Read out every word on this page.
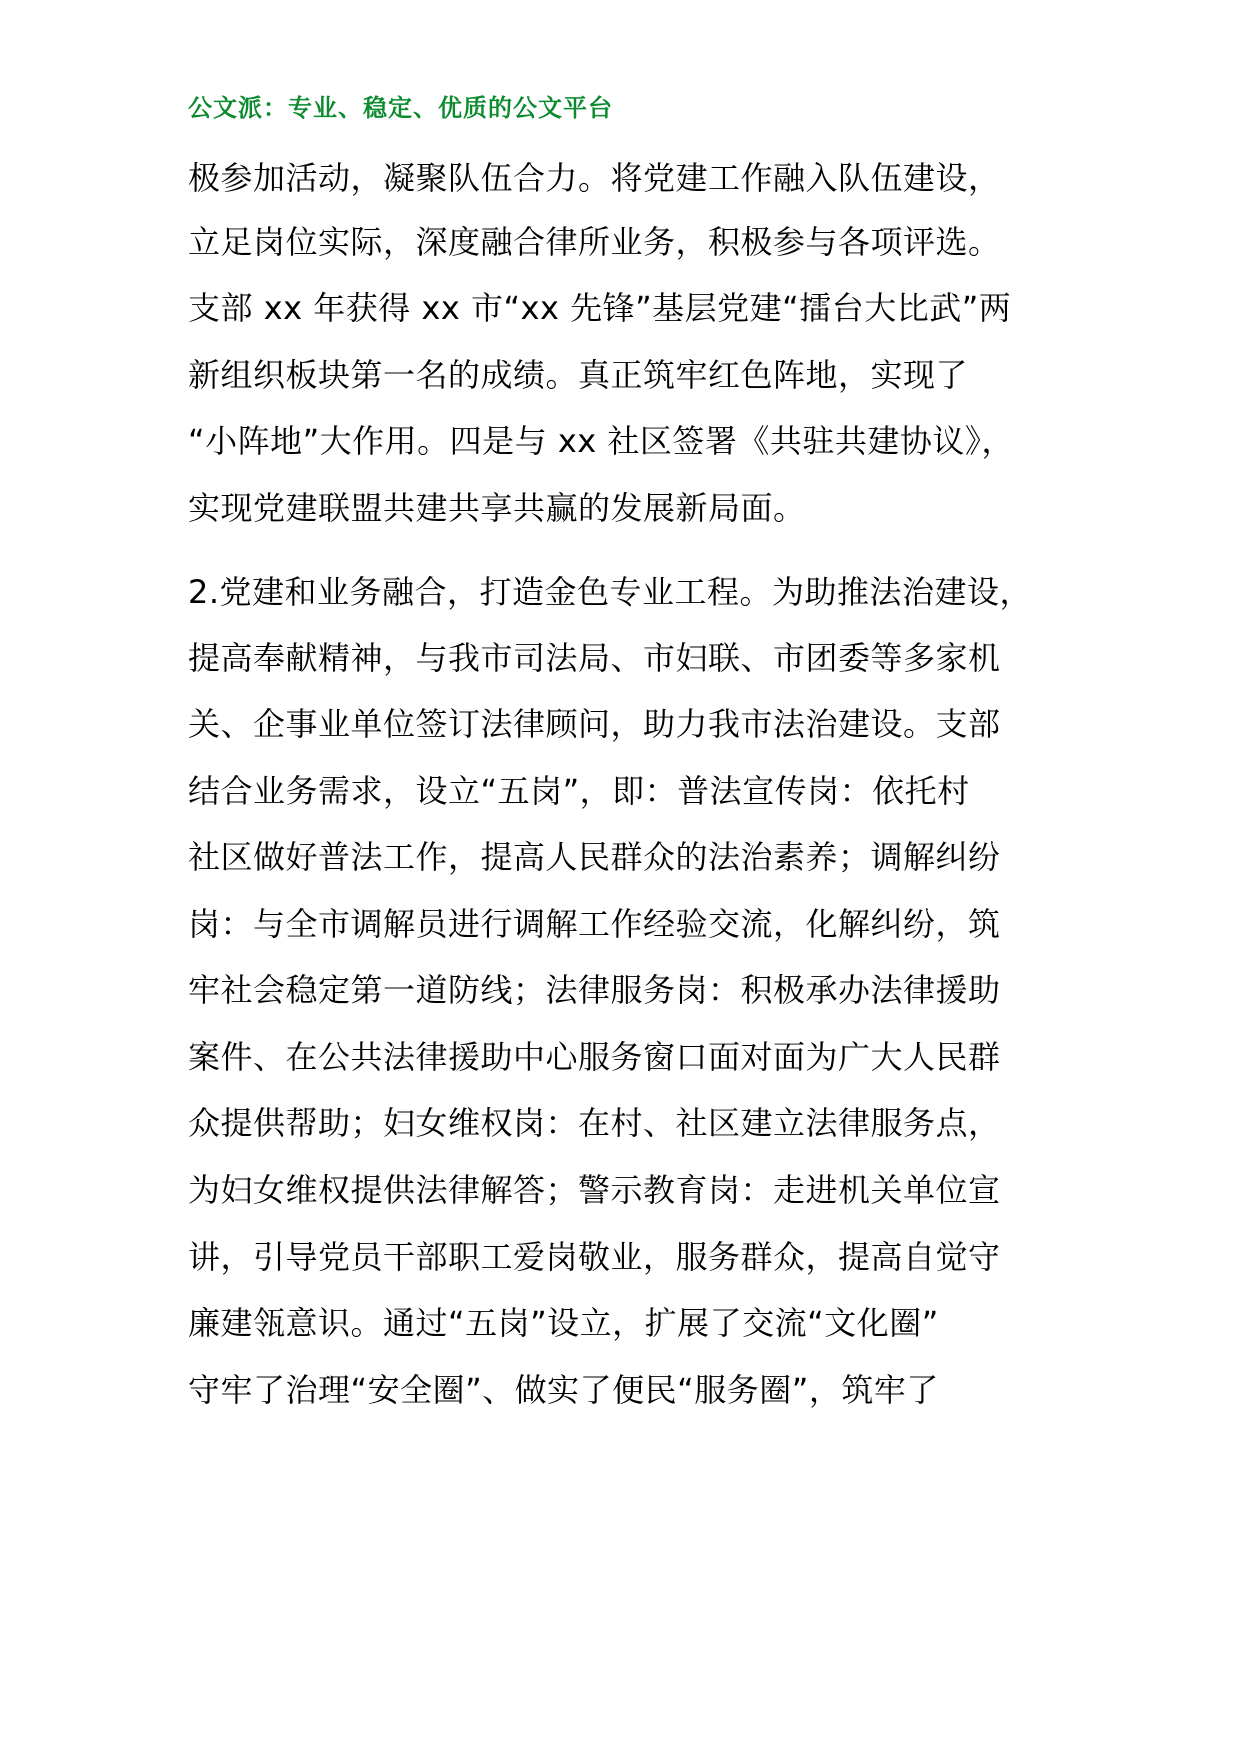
公文派：专业、稳定、优质的公文平台
极参加活动，凝聚队伍合力。将党建工作融入队伍建设，
立足岗位实际，深度融合律所业务，积极参与各项评选。
支部 xx 年获得 xx 市“xx 先锋”基层党建“擂台大比武”两
新组织板块第一名的成绩。真正筑牢红色阵地，实现了
“小阵地”大作用。四是与 xx 社区签署《共驻共建协议》，
实现党建联盟共建共享共赢的发展新局面。
2.党建和业务融合，打造金色专业工程。为助推法治建设，
提高奉献精神，与我市司法局、市妇联、市团委等多家机
关、企事业单位签订法律顾问，助力我市法治建设。支部
结合业务需求，设立“五岗”，即：普法宣传岗：依托村
社区做好普法工作，提高人民群众的法治素养；调解纠纷
岗：与全市调解员进行调解工作经验交流，化解纠纷，筑
牢社会稳定第一道防线；法律服务岗：积极承办法律援助
案件、在公共法律援助中心服务窗口面对面为广大人民群
众提供帮助；妇女维权岗：在村、社区建立法律服务点，
为妇女维权提供法律解答；警示教育岗：走进机关单位宣
讲，引导党员干部职工爱岗敬业，服务群众，提高自觉守
廉建瓴意识。通过“五岗”设立，扩展了交流“文化圈”
守牢了治理“安全圈”、做实了便民“服务圈”，筑牢了
